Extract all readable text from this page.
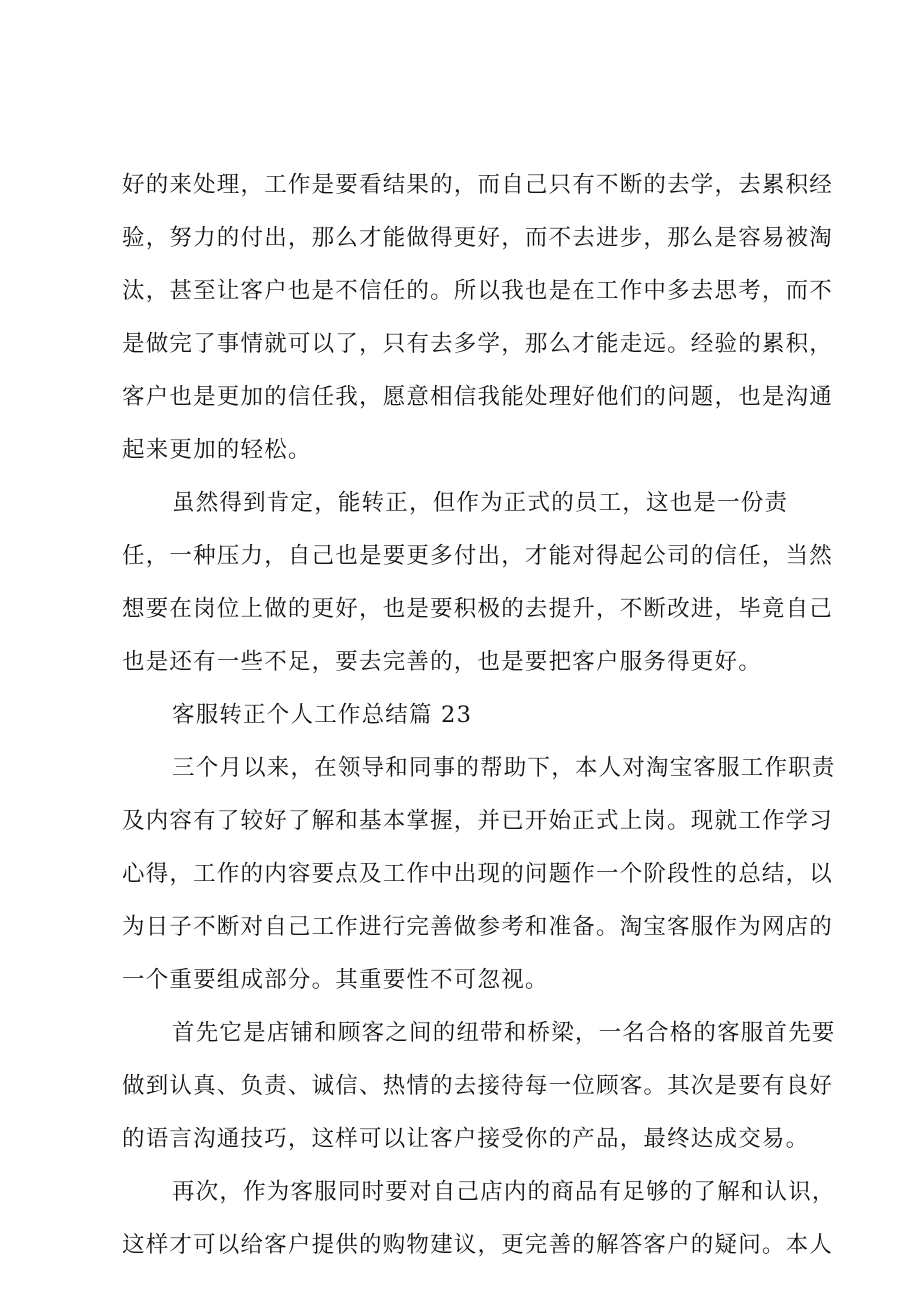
好的来处理，工作是要看结果的，而自己只有不断的去学，去累积经
验，努力的付出，那么才能做得更好，而不去进步，那么是容易被淘
汰，甚至让客户也是不信任的。所以我也是在工作中多去思考，而不
是做完了事情就可以了，只有去多学，那么才能走远。经验的累积，
客户也是更加的信任我，愿意相信我能处理好他们的问题，也是沟通
起来更加的轻松。
虽然得到肯定，能转正，但作为正式的员工，这也是一份责
任，一种压力，自己也是要更多付出，才能对得起公司的信任，当然
想要在岗位上做的更好，也是要积极的去提升，不断改进，毕竟自己
也是还有一些不足，要去完善的，也是要把客户服务得更好。
客服转正个人工作总结篇 23
三个月以来，在领导和同事的帮助下，本人对淘宝客服工作职责
及内容有了较好了解和基本掌握，并已开始正式上岗。现就工作学习
心得，工作的内容要点及工作中出现的问题作一个阶段性的总结，以
为日子不断对自己工作进行完善做参考和准备。淘宝客服作为网店的
一个重要组成部分。其重要性不可忽视。
首先它是店铺和顾客之间的纽带和桥梁，一名合格的客服首先要
做到认真、负责、诚信、热情的去接待每一位顾客。其次是要有良好
的语言沟通技巧，这样可以让客户接受你的产品，最终达成交易。
再次，作为客服同时要对自己店内的商品有足够的了解和认识，
这样才可以给客户提供的购物建议，更完善的解答客户的疑问。本人
